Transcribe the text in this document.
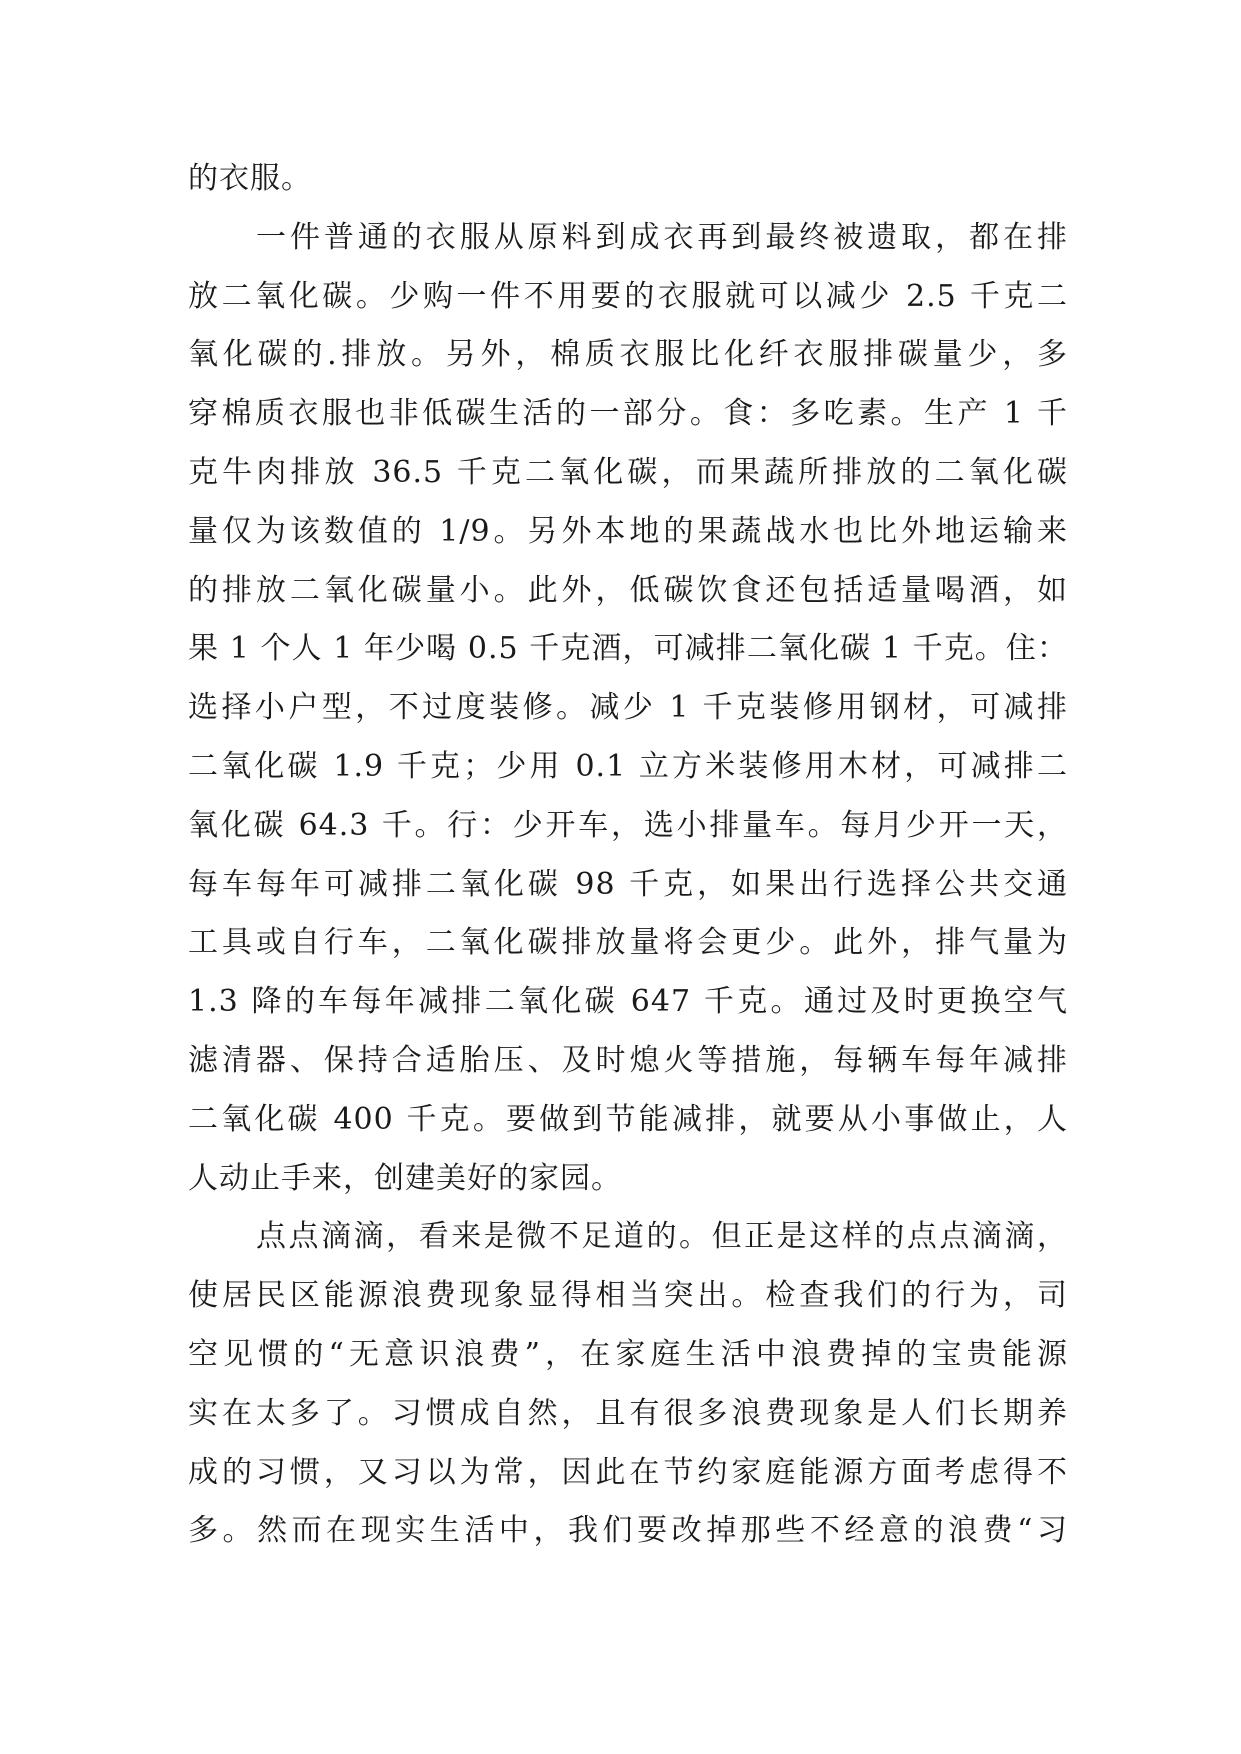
的衣服。
一件普通的衣服从原料到成衣再到最终被遗取，都在排
放二氧化碳。少购一件不用要的衣服就可以减少 2.5 千克二
氧化碳的.排放。另外，棉质衣服比化纤衣服排碳量少，多
穿棉质衣服也非低碳生活的一部分。食：多吃素。生产 1 千
克牛肉排放 36.5 千克二氧化碳，而果蔬所排放的二氧化碳
量仅为该数值的 1/9。另外本地的果蔬战水也比外地运输来
的排放二氧化碳量小。此外，低碳饮食还包括适量喝酒，如
果 1 个人 1 年少喝 0.5 千克酒，可减排二氧化碳 1 千克。住：
选择小户型，不过度装修。减少 1 千克装修用钢材，可减排
二氧化碳 1.9 千克；少用 0.1 立方米装修用木材，可减排二
氧化碳 64.3 千。行：少开车，选小排量车。每月少开一天，
每车每年可减排二氧化碳 98 千克，如果出行选择公共交通
工具或自行车，二氧化碳排放量将会更少。此外，排气量为
1.3 降的车每年减排二氧化碳 647 千克。通过及时更换空气
滤清器、保持合适胎压、及时熄火等措施，每辆车每年减排
二氧化碳 400 千克。要做到节能减排，就要从小事做止，人
人动止手来，创建美好的家园。
点点滴滴，看来是微不足道的。但正是这样的点点滴滴，
使居民区能源浪费现象显得相当突出。检查我们的行为，司
空见惯的“无意识浪费”，在家庭生活中浪费掉的宝贵能源
实在太多了。习惯成自然，且有很多浪费现象是人们长期养
成的习惯，又习以为常，因此在节约家庭能源方面考虑得不
多。然而在现实生活中，我们要改掉那些不经意的浪费“习
